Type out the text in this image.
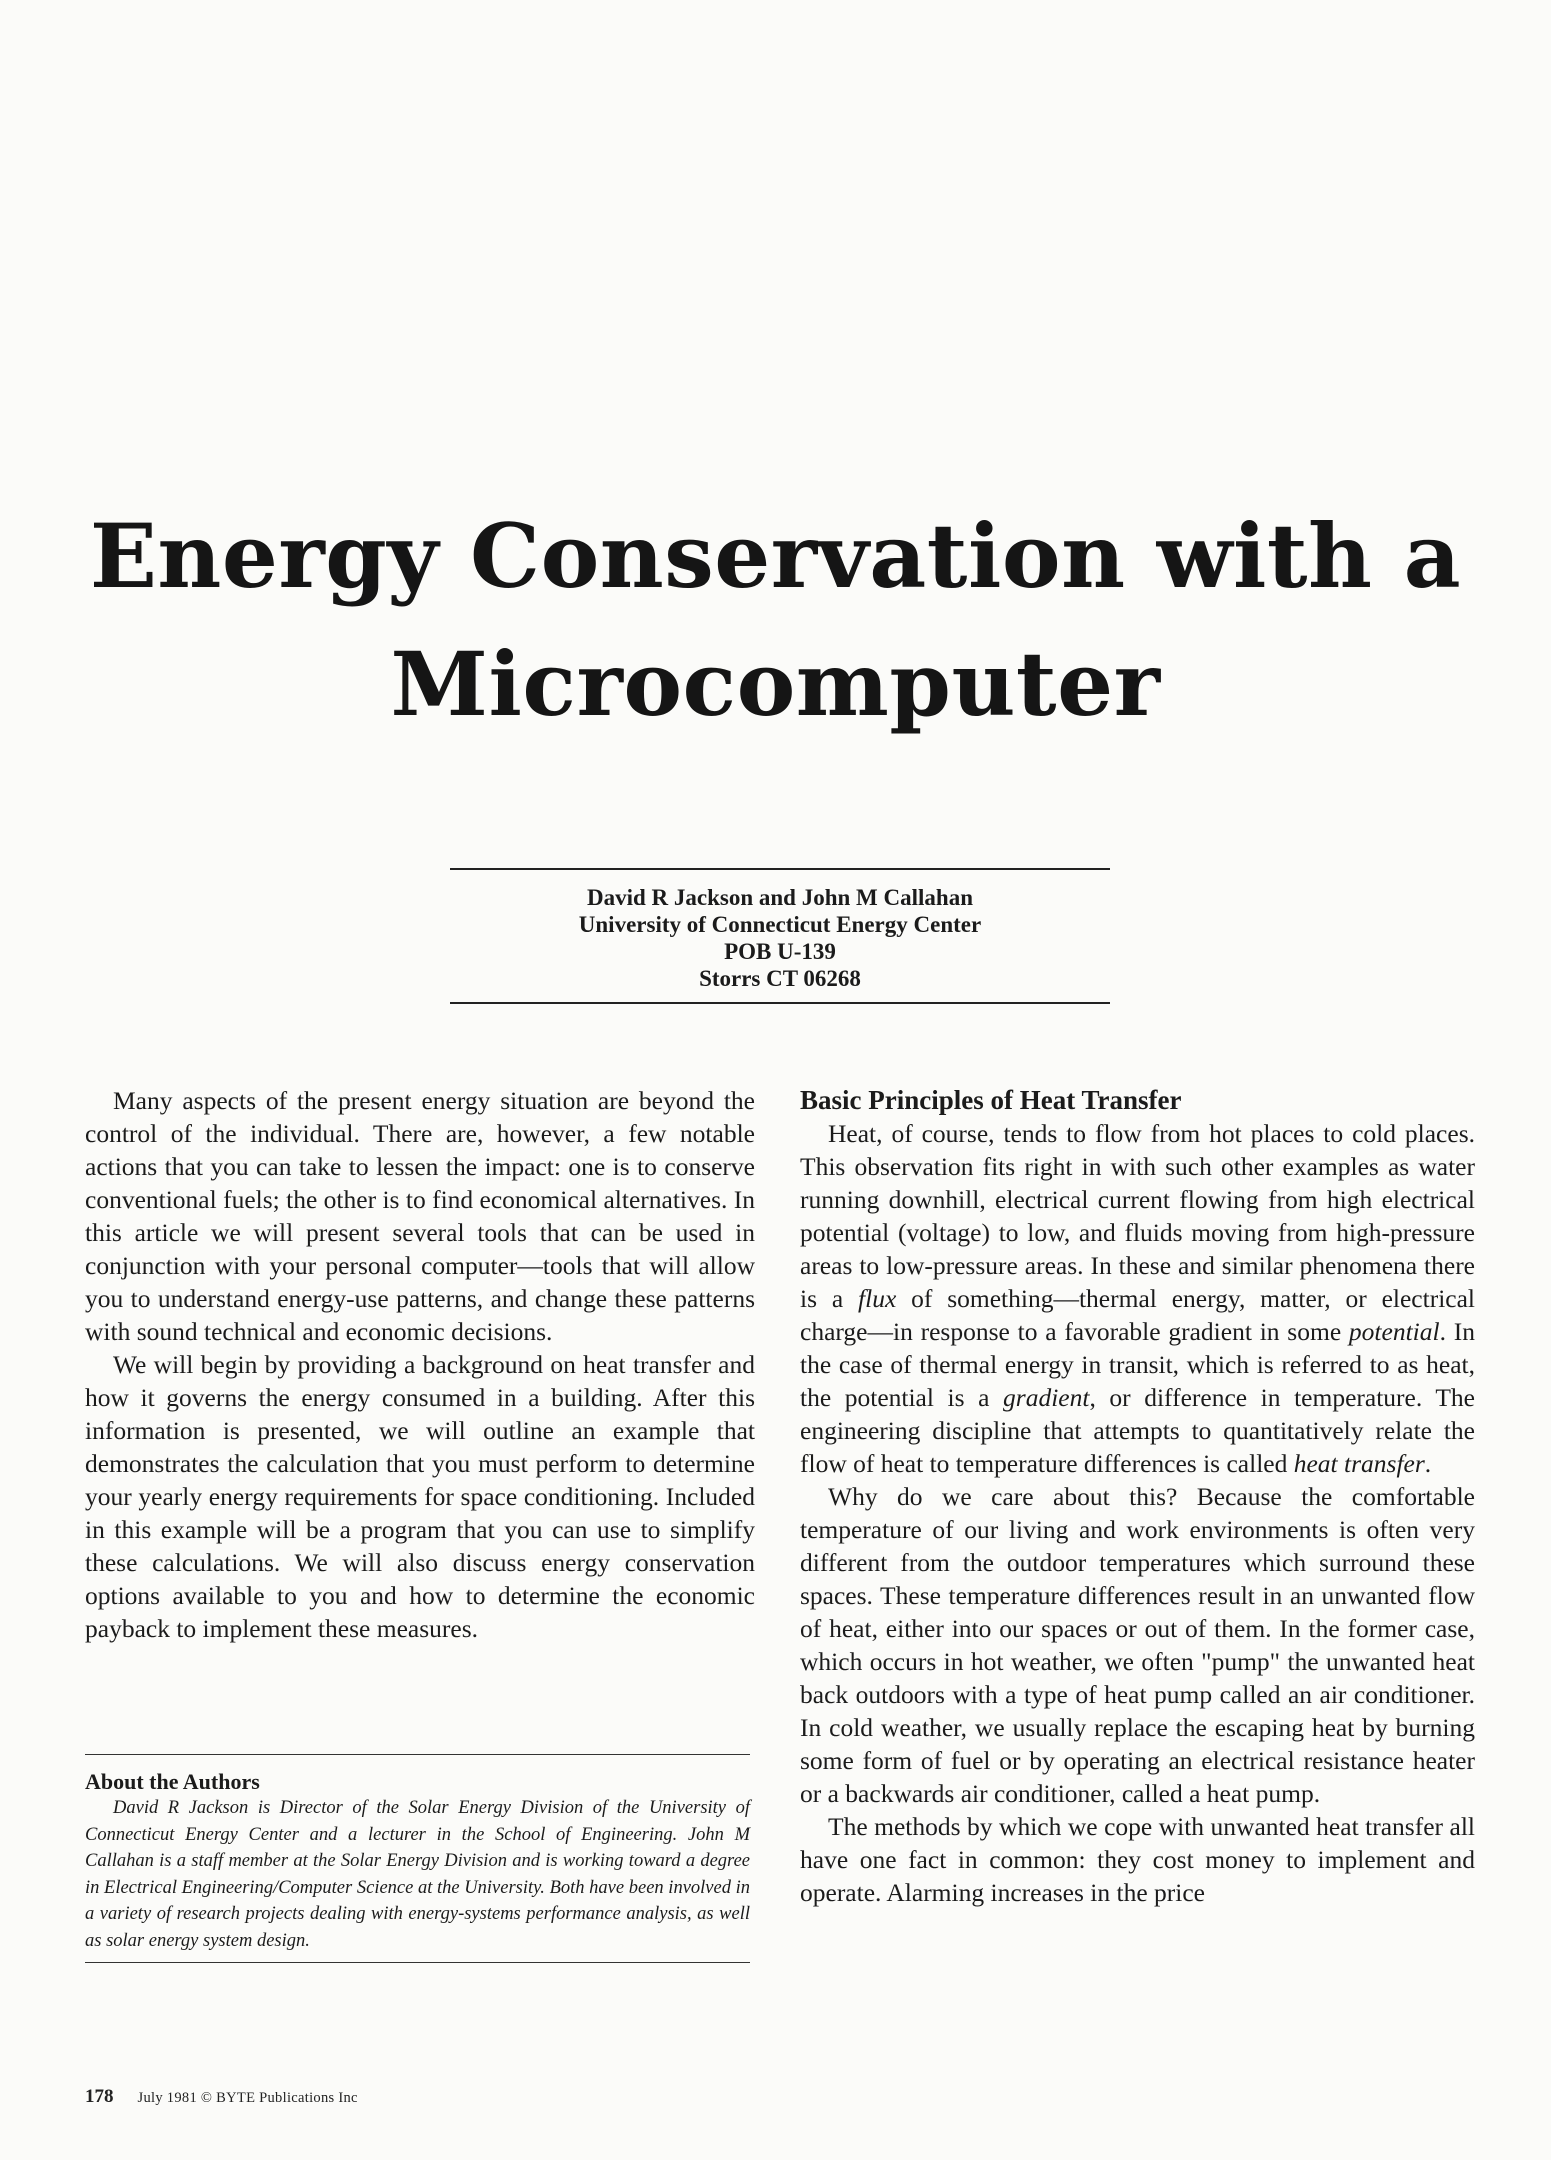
Energy Conservation with a
Microcomputer
David R Jackson and John M Callahan
University of Connecticut Energy Center
POB U-139
Storrs CT 06268

Many aspects of the present energy situation are beyond the control of the individual. There are, however, a few notable actions that you can take to lessen the impact: one is to conserve conventional fuels; the other is to find economical alternatives. In this article we will present several tools that can be used in conjunction with your personal computer—tools that will allow you to understand energy-use patterns, and change these patterns with sound technical and economic decisions.

We will begin by providing a background on heat transfer and how it governs the energy consumed in a building. After this information is presented, we will outline an example that demonstrates the calculation that you must perform to determine your yearly energy requirements for space conditioning. Included in this example will be a program that you can use to simplify these calculations. We will also discuss energy conservation options available to you and how to determine the economic payback to implement these measures.

About the Authors

David R Jackson is Director of the Solar Energy Division of the University of Connecticut Energy Center and a lecturer in the School of Engineering. John M Callahan is a staff member at the Solar Energy Division and is working toward a degree in Electrical Engineering/Computer Science at the University. Both have been involved in a variety of research projects dealing with energy-systems performance analysis, as well as solar energy system design.

Basic Principles of Heat Transfer

Heat, of course, tends to flow from hot places to cold places. This observation fits right in with such other examples as water running downhill, electrical current flowing from high electrical potential (voltage) to low, and fluids moving from high-pressure areas to low-pressure areas. In these and similar phenomena there is a flux of something—thermal energy, matter, or electrical charge—in response to a favorable gradient in some potential. In the case of thermal energy in transit, which is referred to as heat, the potential is a gradient, or difference in temperature. The engineering discipline that attempts to quantitatively relate the flow of heat to temperature differences is called heat transfer.

Why do we care about this? Because the comfortable temperature of our living and work environments is often very different from the outdoor temperatures which surround these spaces. These temperature differences result in an unwanted flow of heat, either into our spaces or out of them. In the former case, which occurs in hot weather, we often "pump" the unwanted heat back outdoors with a type of heat pump called an air conditioner. In cold weather, we usually replace the escaping heat by burning some form of fuel or by operating an electrical resistance heater or a backwards air conditioner, called a heat pump.

The methods by which we cope with unwanted heat transfer all have one fact in common: they cost money to implement and operate. Alarming increases in the price

178 July 1981 © BYTE Publications Inc
